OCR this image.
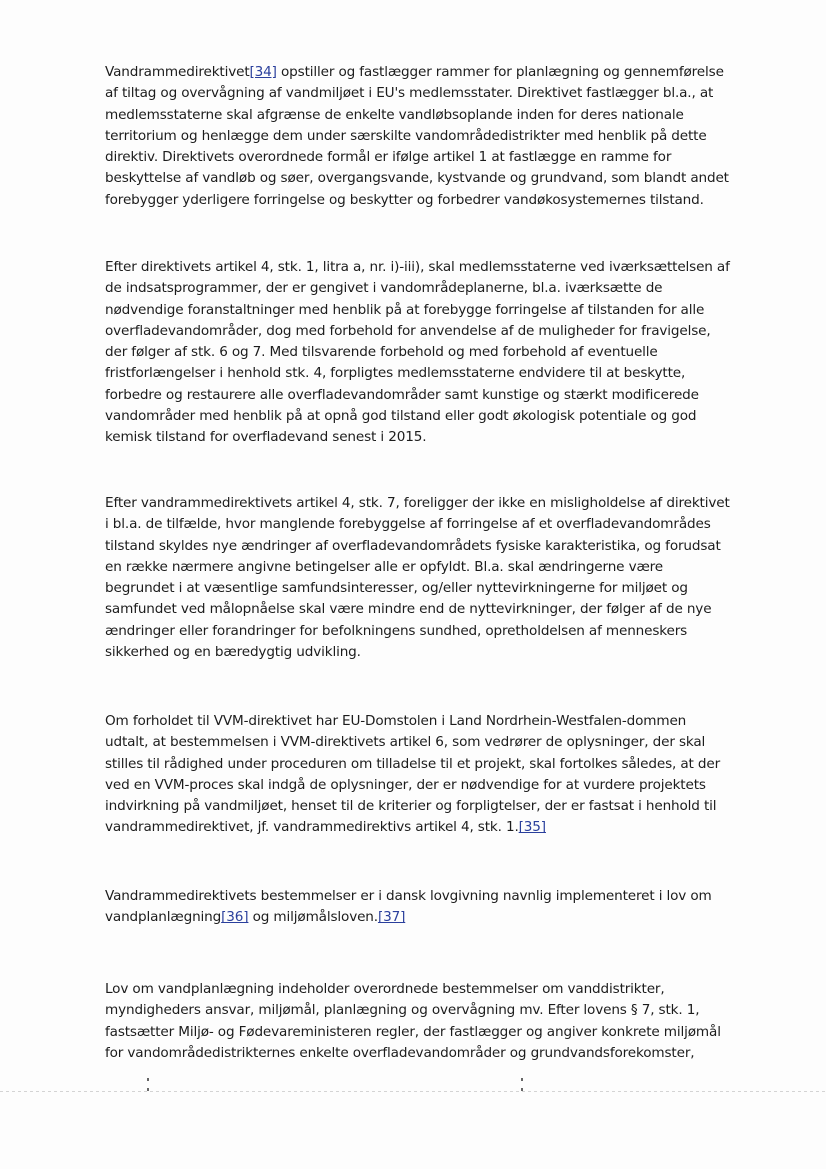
Vandrammedirektivet[34] opstiller og fastlægger rammer for planlægning og gennemførelse af tiltag og overvågning af vandmiljøet i EU's medlemsstater. Direktivet fastlægger bl.a., at medlemsstaterne skal afgrænse de enkelte vandløbsoplande inden for deres nationale territorium og henlægge dem under særskilte vandområdedistrikter med henblik på dette direktiv. Direktivets overordnede formål er ifølge artikel 1 at fastlægge en ramme for beskyttelse af vandløb og søer, overgangsvande, kystvande og grundvand, som blandt andet forebygger yderligere forringelse og beskytter og forbedrer vandøkosystemernes tilstand.

Efter direktivets artikel 4, stk. 1, litra a, nr. i)-iii), skal medlemsstaterne ved iværksættelsen af de indsatsprogrammer, der er gengivet i vandområdeplanerne, bl.a. iværksætte de nødvendige foranstaltninger med henblik på at forebygge forringelse af tilstanden for alle overfladevandområder, dog med forbehold for anvendelse af de muligheder for fravigelse, der følger af stk. 6 og 7. Med tilsvarende forbehold og med forbehold af eventuelle fristforlængelser i henhold stk. 4, forpligtes medlemsstaterne endvidere til at beskytte, forbedre og restaurere alle overfladevandområder samt kunstige og stærkt modificerede vandområder med henblik på at opnå god tilstand eller godt økologisk potentiale og god kemisk tilstand for overfladevand senest i 2015.

Efter vandrammedirektivets artikel 4, stk. 7, foreligger der ikke en misligholdelse af direktivet i bl.a. de tilfælde, hvor manglende forebyggelse af forringelse af et overfladevandområdes tilstand skyldes nye ændringer af overfladevandområdets fysiske karakteristika, og forudsat en række nærmere angivne betingelser alle er opfyldt. Bl.a. skal ændringerne være begrundet i at væsentlige samfundsinteresser, og/eller nyttevirkningerne for miljøet og samfundet ved målopnåelse skal være mindre end de nyttevirkninger, der følger af de nye ændringer eller forandringer for befolkningens sundhed, opretholdelsen af menneskers sikkerhed og en bæredygtig udvikling.

Om forholdet til VVM-direktivet har EU-Domstolen i Land Nordrhein-Westfalen-dommen udtalt, at bestemmelsen i VVM-direktivets artikel 6, som vedrører de oplysninger, der skal stilles til rådighed under proceduren om tilladelse til et projekt, skal fortolkes således, at der ved en VVM-proces skal indgå de oplysninger, der er nødvendige for at vurdere projektets indvirkning på vandmiljøet, henset til de kriterier og forpligtelser, der er fastsat i henhold til vandrammedirektivet, jf. vandrammedirektivs artikel 4, stk. 1.[35]

Vandrammedirektivets bestemmelser er i dansk lovgivning navnlig implementeret i lov om vandplanlægning[36] og miljømålsloven.[37]

Lov om vandplanlægning indeholder overordnede bestemmelser om vanddistrikter, myndigheders ansvar, miljømål, planlægning og overvågning mv. Efter lovens § 7, stk. 1, fastsætter Miljø- og Fødevareministeren regler, der fastlægger og angiver konkrete miljømål for vandområdedistrikternes enkelte overfladevandområder og grundvandsforekomster,
